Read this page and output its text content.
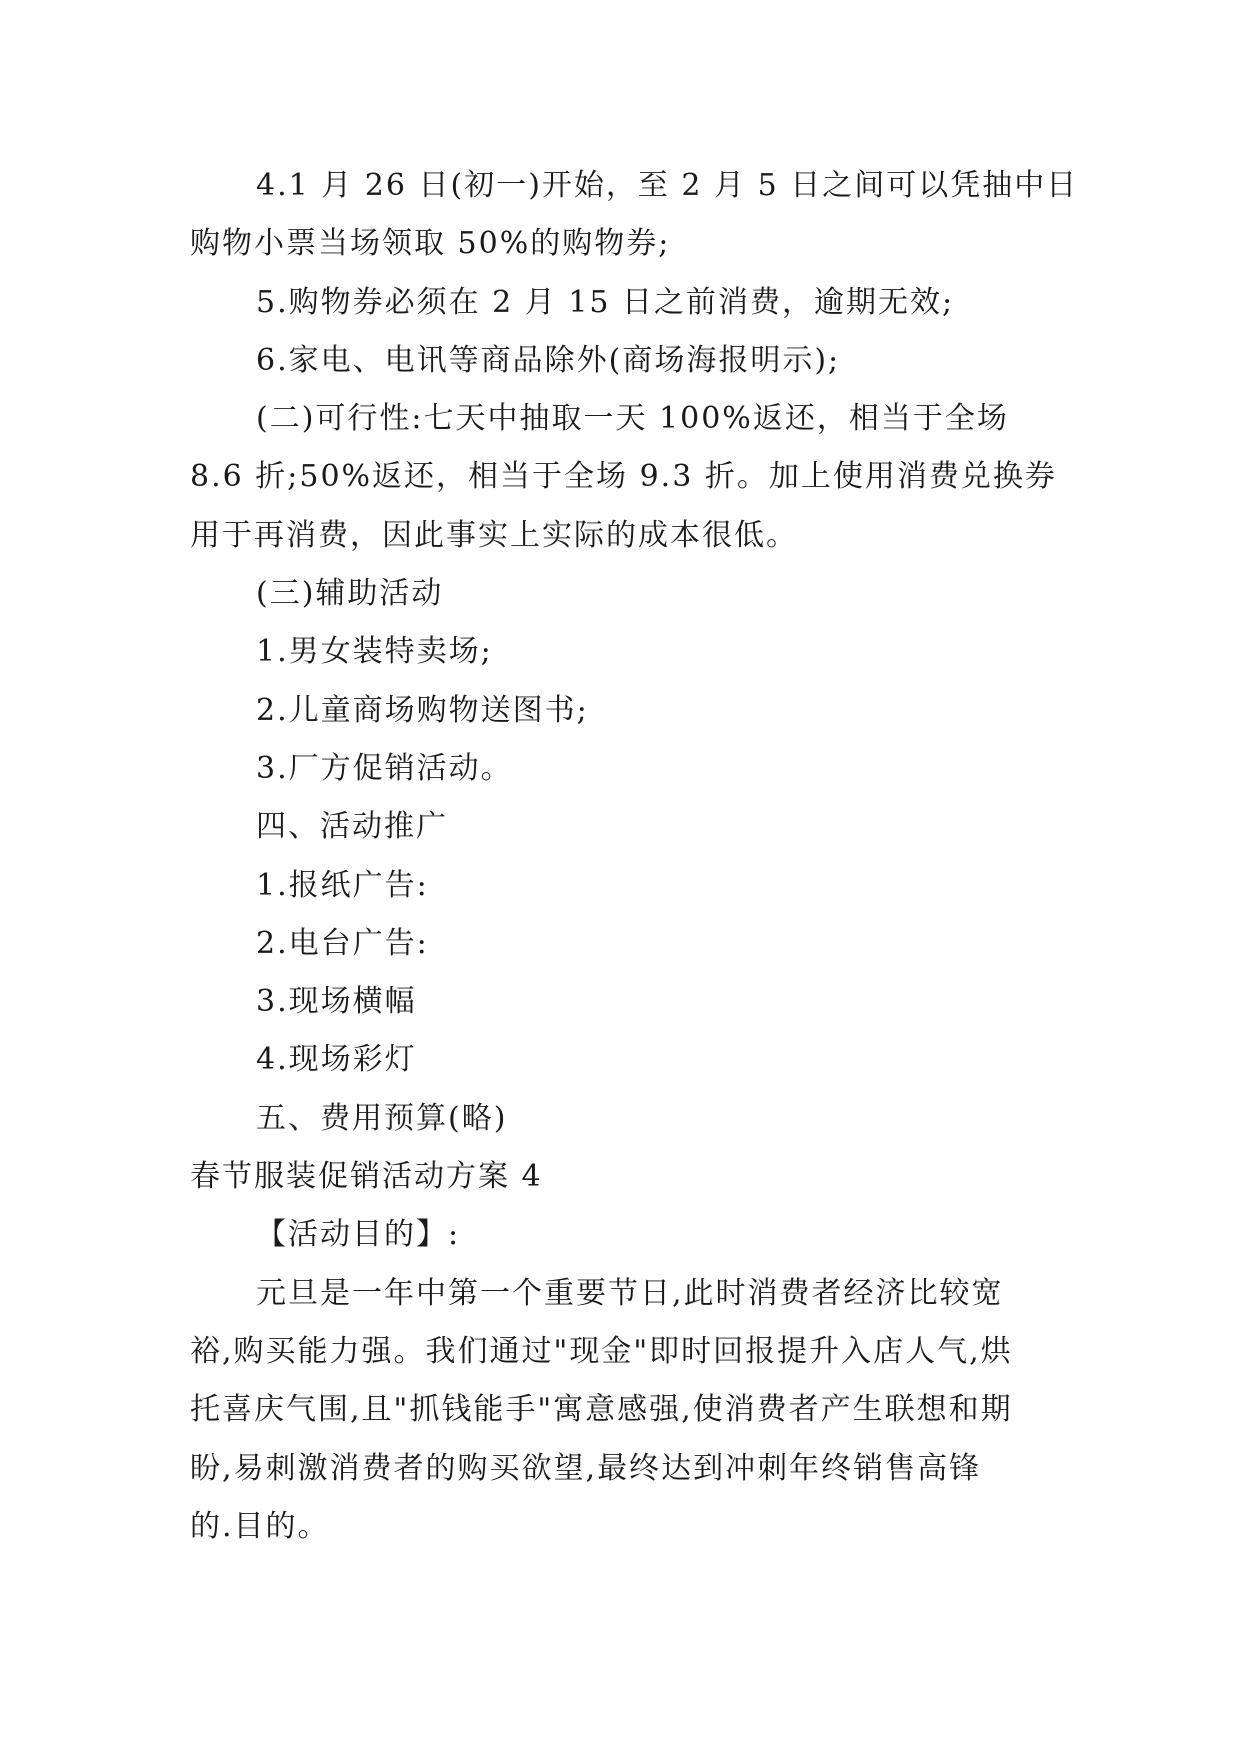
4.1 月 26 日(初一)开始，至 2 月 5 日之间可以凭抽中日

购物小票当场领取 50%的购物券;

5.购物券必须在 2 月 15 日之前消费，逾期无效;

6.家电、电讯等商品除外(商场海报明示);

(二)可行性:七天中抽取一天 100%返还，相当于全场

8.6 折;50%返还，相当于全场 9.3 折。加上使用消费兑换券

用于再消费，因此事实上实际的成本很低。

(三)辅助活动

1.男女装特卖场;

2.儿童商场购物送图书;

3.厂方促销活动。

四、活动推广

1.报纸广告:

2.电台广告:

3.现场横幅

4.现场彩灯

五、费用预算(略)

春节服装促销活动方案 4

【活动目的】:

元旦是一年中第一个重要节日,此时消费者经济比较宽

裕,购买能力强。我们通过"现金"即时回报提升入店人气,烘

托喜庆气围,且"抓钱能手"寓意感强,使消费者产生联想和期

盼,易刺激消费者的购买欲望,最终达到冲刺年终销售高锋

的.目的。
